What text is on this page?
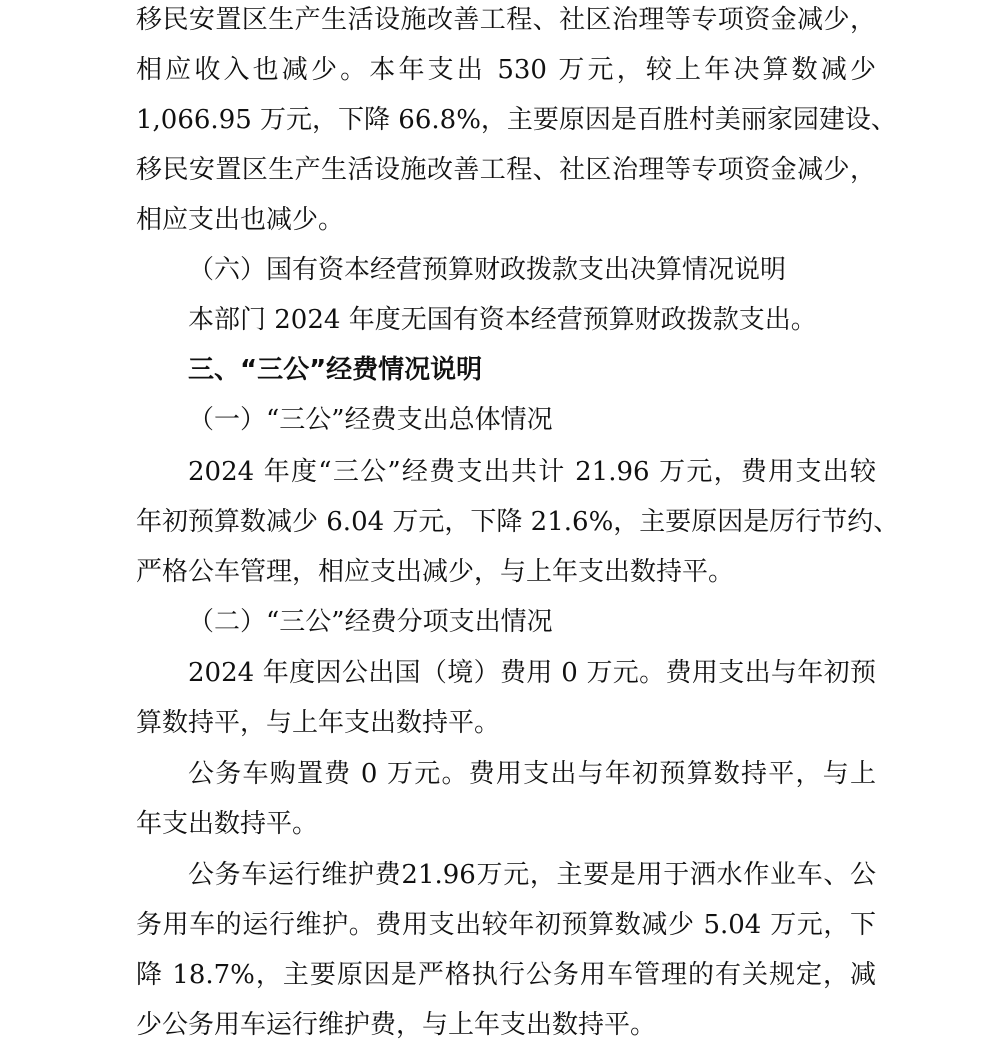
移民安置区生产生活设施改善工程、社区治理等专项资金减少，
相应收入也减少。本年支出 530 万元，较上年决算数减少
1,066.95 万元，下降 66.8%，主要原因是百胜村美丽家园建设、
移民安置区生产生活设施改善工程、社区治理等专项资金减少，
相应支出也减少。
（六）国有资本经营预算财政拨款支出决算情况说明
本部门 2024 年度无国有资本经营预算财政拨款支出。
三、“三公”经费情况说明
（一）“三公”经费支出总体情况
2024 年度“三公”经费支出共计 21.96 万元，费用支出较
年初预算数减少 6.04 万元，下降 21.6%，主要原因是厉行节约、
严格公车管理，相应支出减少，与上年支出数持平。
（二）“三公”经费分项支出情况
2024 年度因公出国（境）费用 0 万元。费用支出与年初预
算数持平，与上年支出数持平。
公务车购置费 0 万元。费用支出与年初预算数持平，与上
年支出数持平。
公务车运行维护费21.96万元，主要是用于洒水作业车、公
务用车的运行维护。费用支出较年初预算数减少 5.04 万元，下
降 18.7%，主要原因是严格执行公务用车管理的有关规定，减
少公务用车运行维护费，与上年支出数持平。
